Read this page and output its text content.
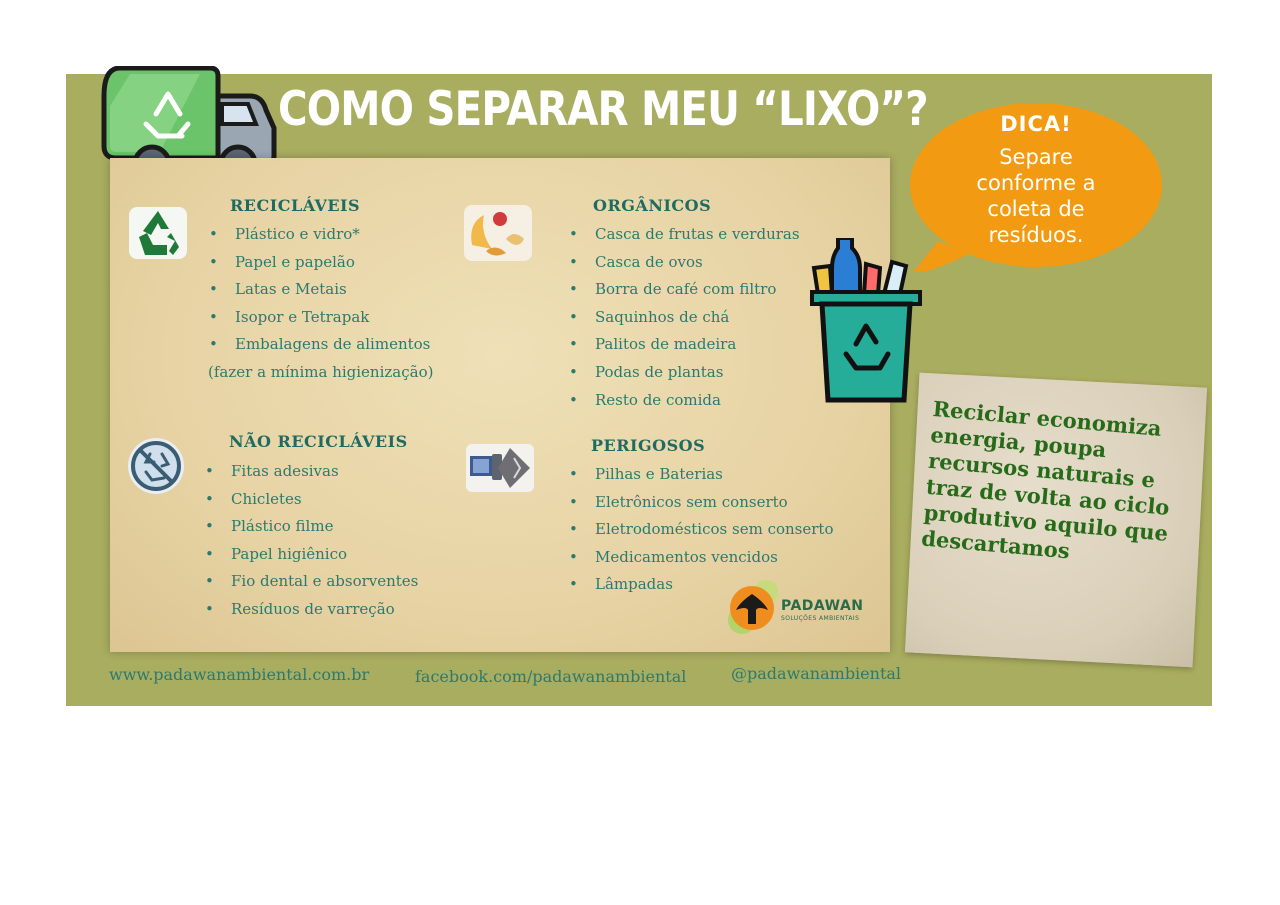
COMO SEPARAR MEU “LIXO”?

RECICLÁVEIS

• Plástico e vidro*
• Papel e papelão
• Latas e Metais
• Isopor e Tetrapak
• Embalagens de alimentos
(fazer a mínima higienização)

ORGÂNICOS

• Casca de frutas e verduras
• Casca de ovos
• Borra de café com filtro
• Saquinhos de chá
• Palitos de madeira
• Podas de plantas
• Resto de comida

NÃO RECICLÁVEIS

• Fitas adesivas
• Chicletes
• Plástico filme
• Papel higiênico
• Fio dental e absorventes
• Resíduos de varreção

PERIGOSOS

• Pilhas e Baterias
• Eletrônicos sem conserto
• Eletrodomésticos sem conserto
• Medicamentos vencidos
• Lâmpadas
PADAWAN
SOLUÇÕES AMBIENTAIS
DICA!
Separe conforme a coleta de resíduos.

Reciclar economiza energia, poupa recursos naturais e traz de volta ao ciclo produtivo aquilo que descartamos

www.padawanambiental.com.br	facebook.com/padawanambiental	@padawanambiental
